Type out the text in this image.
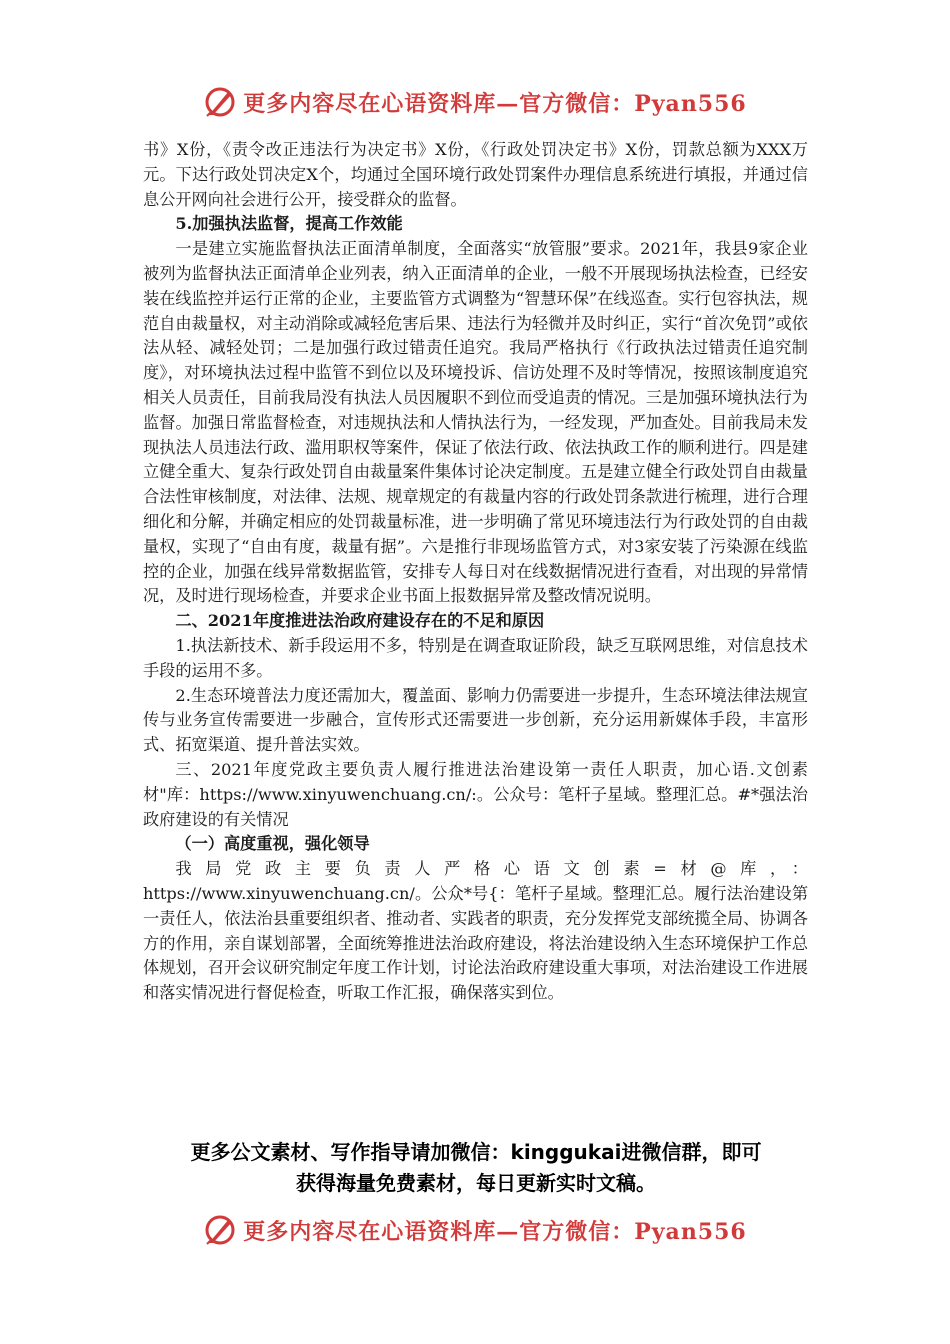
更多内容尽在心语资料库—官方微信：Pyan556

书》X份，《责令改正违法行为决定书》X份，《行政处罚决定书》X份，罚款总额为XXX万元。下达行政处罚决定X个，均通过全国环境行政处罚案件办理信息系统进行填报，并通过信息公开网向社会进行公开，接受群众的监督。

5.加强执法监督，提高工作效能

一是建立实施监督执法正面清单制度，全面落实“放管服”要求。2021年，我县9家企业被列为监督执法正面清单企业列表，纳入正面清单的企业，一般不开展现场执法检查，已经安装在线监控并运行正常的企业，主要监管方式调整为“智慧环保”在线巡查。实行包容执法，规范自由裁量权，对主动消除或减轻危害后果、违法行为轻微并及时纠正，实行“首次免罚”或依法从轻、减轻处罚；二是加强行政过错责任追究。我局严格执行《行政执法过错责任追究制度》，对环境执法过程中监管不到位以及环境投诉、信访处理不及时等情况，按照该制度追究相关人员责任，目前我局没有执法人员因履职不到位而受追责的情况。三是加强环境执法行为监督。加强日常监督检查，对违规执法和人情执法行为，一经发现，严加查处。目前我局未发现执法人员违法行政、滥用职权等案件，保证了依法行政、依法执政工作的顺利进行。四是建立健全重大、复杂行政处罚自由裁量案件集体讨论决定制度。五是建立健全行政处罚自由裁量合法性审核制度，对法律、法规、规章规定的有裁量内容的行政处罚条款进行梳理，进行合理细化和分解，并确定相应的处罚裁量标准，进一步明确了常见环境违法行为行政处罚的自由裁量权，实现了“自由有度，裁量有据”。六是推行非现场监管方式，对3家安装了污染源在线监控的企业，加强在线异常数据监管，安排专人每日对在线数据情况进行查看，对出现的异常情况，及时进行现场检查，并要求企业书面上报数据异常及整改情况说明。

二、2021年度推进法治政府建设存在的不足和原因

1.执法新技术、新手段运用不多，特别是在调查取证阶段，缺乏互联网思维，对信息技术手段的运用不多。

2.生态环境普法力度还需加大，覆盖面、影响力仍需要进一步提升，生态环境法律法规宣传与业务宣传需要进一步融合，宣传形式还需要进一步创新，充分运用新媒体手段，丰富形式、拓宽渠道、提升普法实效。

三、2021年度党政主要负责人履行推进法治建设第一责任人职责，加心语.文创素材"库：https://www.xinyuwenchuang.cn/:。公众号：笔杆子星域。整理汇总。#*强法治政府建设的有关情况

（一）高度重视，强化领导

我局党政主要负责人严格心语文创素=材@库，：https://www.xinyuwenchuang.cn/。公众*号{：笔杆子星域。整理汇总。履行法治建设第一责任人，依法治县重要组织者、推动者、实践者的职责，充分发挥党支部统揽全局、协调各方的作用，亲自谋划部署，全面统筹推进法治政府建设，将法治建设纳入生态环境保护工作总体规划，召开会议研究制定年度工作计划，讨论法治政府建设重大事项，对法治建设工作进展和落实情况进行督促检查，听取工作汇报，确保落实到位。

更多公文素材、写作指导请加微信：kinggukai进微信群，即可
获得海量免费素材，每日更新实时文稿。
更多内容尽在心语资料库—官方微信：Pyan556
